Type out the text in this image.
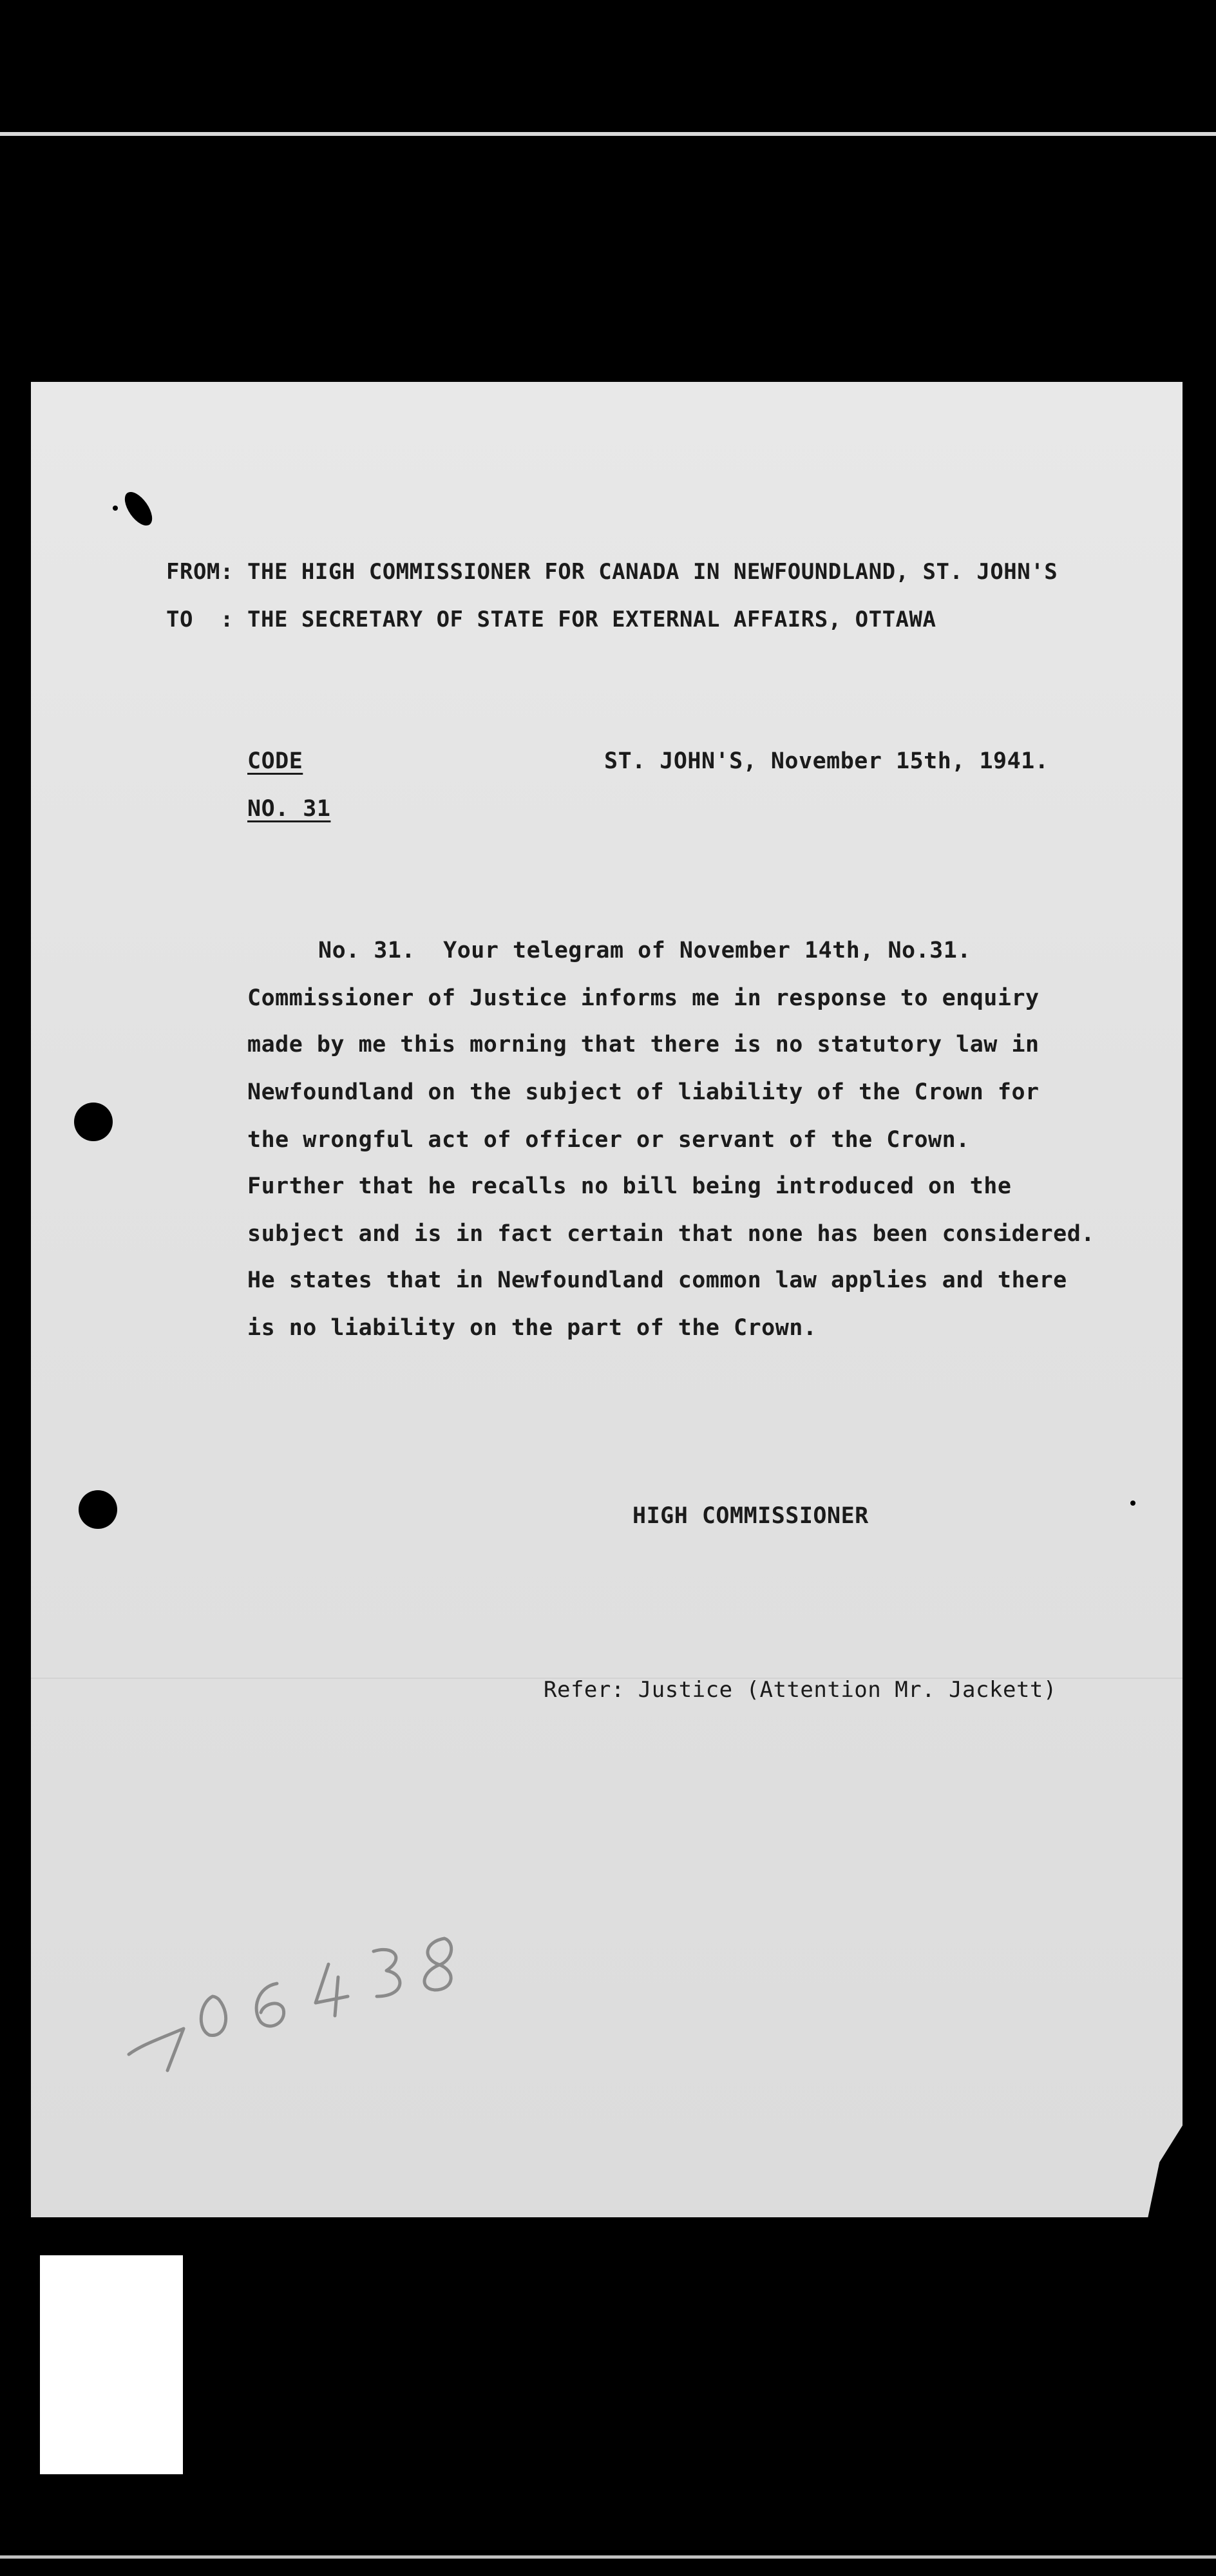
FROM: THE HIGH COMMISSIONER FOR CANADA IN NEWFOUNDLAND, ST. JOHN'S
TO  : THE SECRETARY OF STATE FOR EXTERNAL AFFAIRS, OTTAWA
CODE
NO. 31
ST. JOHN'S, November 15th, 1941.
No. 31.  Your telegram of November 14th, No.31.
Commissioner of Justice informs me in response to enquiry
made by me this morning that there is no statutory law in
Newfoundland on the subject of liability of the Crown for
the wrongful act of officer or servant of the Crown.
Further that he recalls no bill being introduced on the
subject and is in fact certain that none has been considered.
He states that in Newfoundland common law applies and there
is no liability on the part of the Crown.
HIGH COMMISSIONER
Refer: Justice (Attention Mr. Jackett)
